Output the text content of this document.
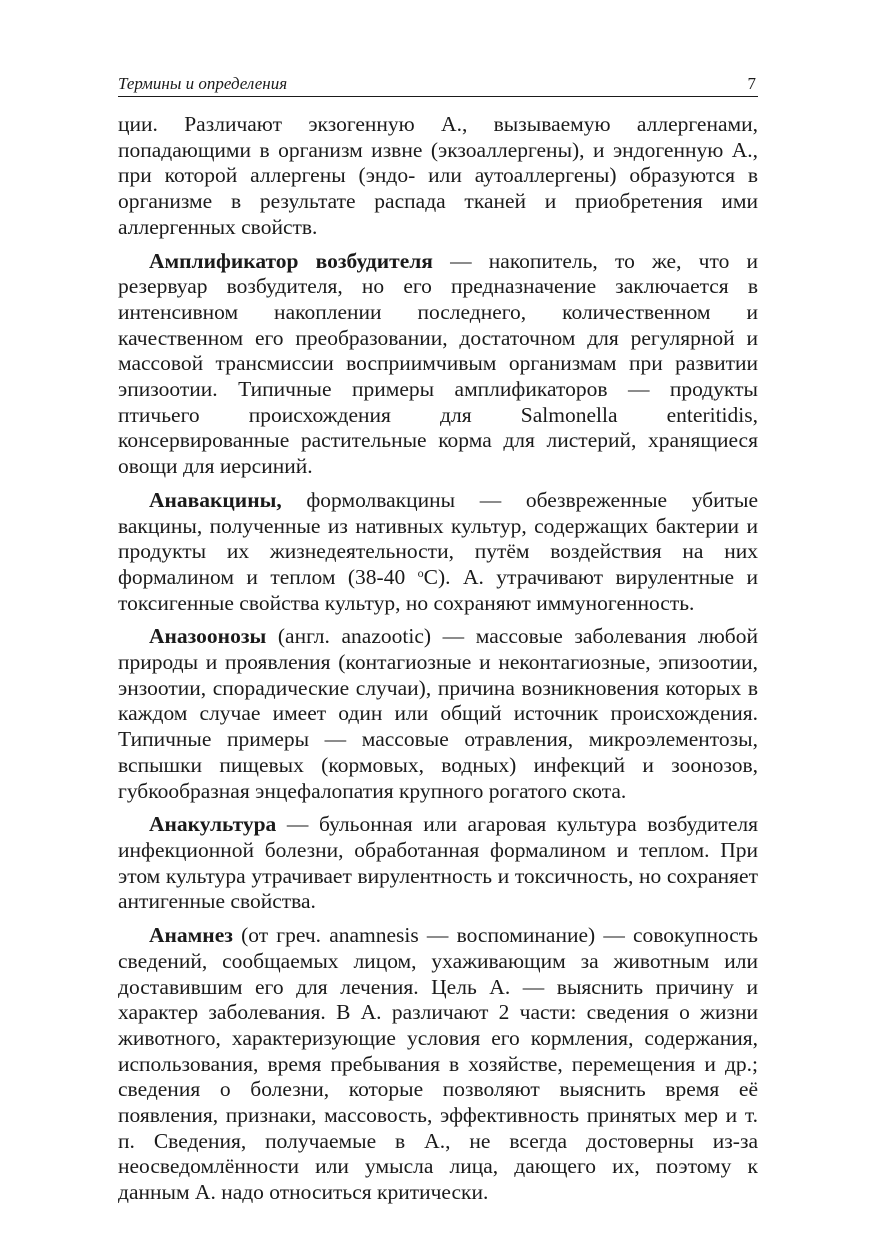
Термины и определения	7

ции. Различают экзогенную А., вызываемую аллергенами, попадающими в организм извне (экзоаллергены), и эндогенную А., при которой аллергены (эндо- или аутоаллергены) образуются в организме в результате распада тканей и приобретения ими аллергенных свойств.

Амплификатор возбудителя — накопитель, то же, что и резервуар возбудителя, но его предназначение заключается в интенсивном накоплении последнего, количественном и качественном его преобразовании, достаточном для регулярной и массовой трансмиссии восприимчивым организмам при развитии эпизоотии. Типичные примеры амплификаторов — продукты птичьего происхождения для Salmonella enteritidis, консервированные растительные корма для листерий, хранящиеся овощи для иерсиний.

Анавакцины, формолвакцины — обезвреженные убитые вакцины, полученные из нативных культур, содержащих бактерии и продукты их жизнедеятельности, путём воздействия на них формалином и теплом (38-40 $^о$С). А. утрачивают вирулентные и токсигенные свойства культур, но сохраняют иммуногенность.

Аназоонозы (англ. anazootic) — массовые заболевания любой природы и проявления (контагиозные и неконтагиозные, эпизоотии, энзоотии, спорадические случаи), причина возникновения которых в каждом случае имеет один или общий источник происхождения. Типичные примеры — массовые отравления, микроэлементозы, вспышки пищевых (кормовых, водных) инфекций и зоонозов, губкообразная энцефалопатия крупного рогатого скота.

Анакультура — бульонная или агаровая культура возбудителя инфекционной болезни, обработанная формалином и теплом. При этом культура утрачивает вирулентность и токсичность, но сохраняет антигенные свойства.

Анамнез (от греч. anamnesis — воспоминание) — совокупность сведений, сообщаемых лицом, ухаживающим за животным или доставившим его для лечения. Цель А. — выяснить причину и характер заболевания. В А. различают 2 части: сведения о жизни животного, характеризующие условия его кормления, содержания, использования, время пребывания в хозяйстве, перемещения и др.; сведения о болезни, которые позволяют выяснить время её появления, признаки, массовость, эффективность принятых мер и т. п. Сведения, получаемые в А., не всегда достоверны из-за неосведомлённости или умысла лица, дающего их, поэтому к данным А. надо относиться критически.
